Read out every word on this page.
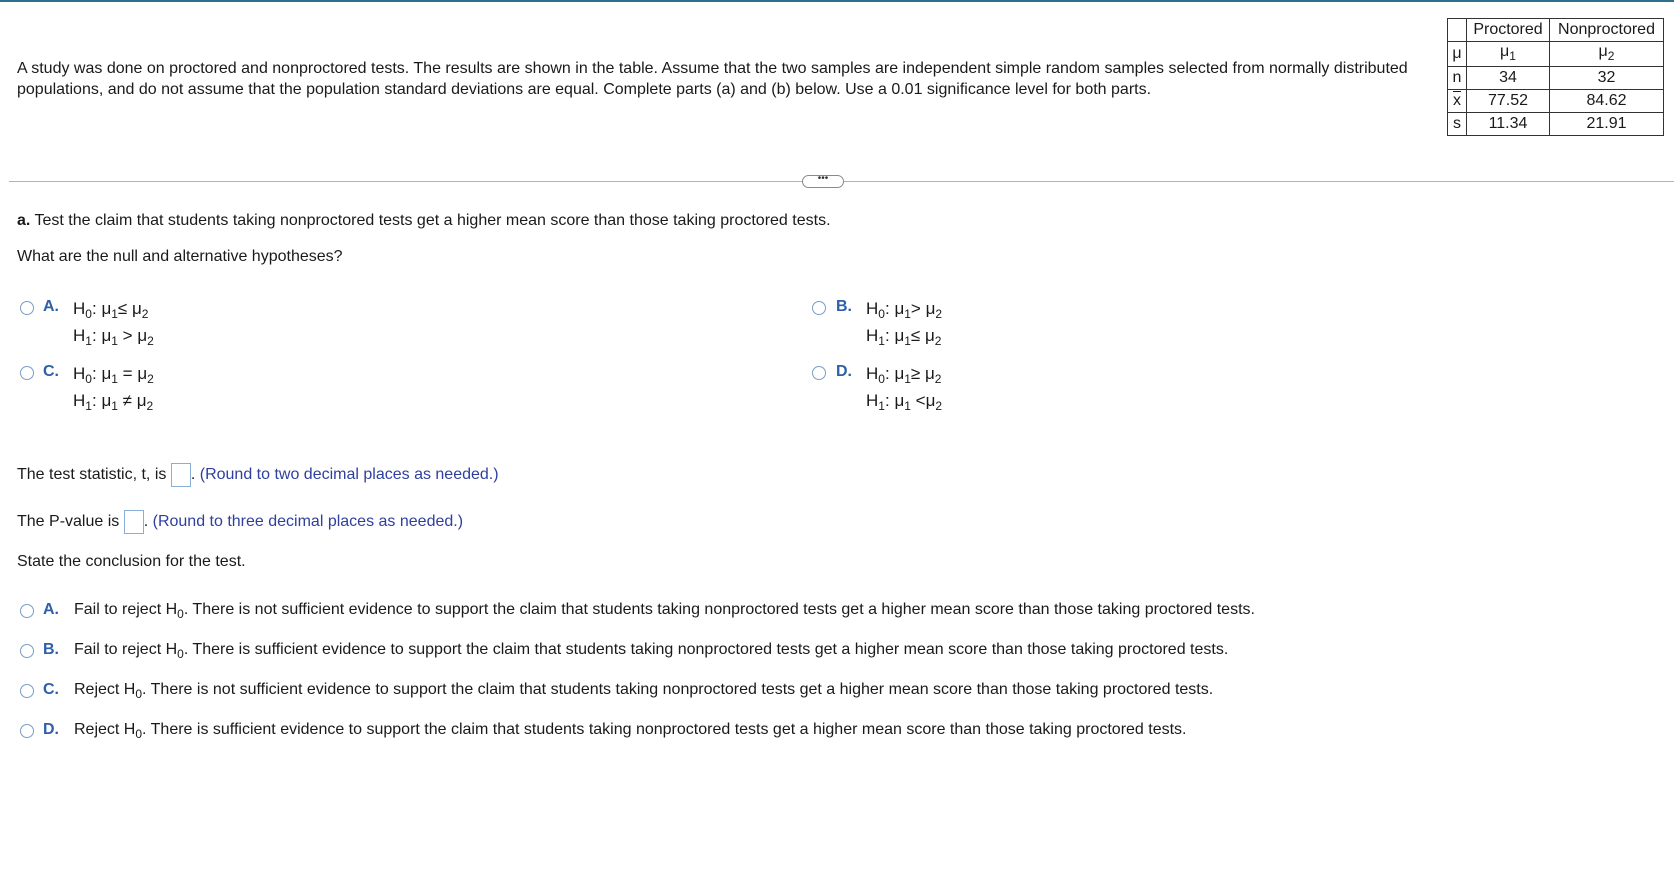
A study was done on proctored and nonproctored tests. The results are shown in the table. Assume that the two samples are independent simple random samples selected from normally distributed populations, and do not assume that the population standard deviations are equal. Complete parts (a) and (b) below. Use a 0.01 significance level for both parts.
	Proctored	Nonproctored
μ	$\mu_1$	$\mu_2$
n	34	32
$\overline{x}$	77.52	84.62
s	11.34	21.91
•••
a. Test the claim that students taking nonproctored tests get a higher mean score than those taking proctored tests.
What are the null and alternative hypotheses?
A. $H_0$: $\mu_1\le \mu_2$
$H_1$: $\mu_1 > \mu_2$
B. $H_0$: $\mu_1> \mu_2$
$H_1$: $\mu_1\le \mu_2$
C. $H_0$: $\mu_1 = \mu_2$
$H_1$: $\mu_1 \ne \mu_2$
D. $H_0$: $\mu_1\ge \mu_2$
$H_1$: $\mu_1 <\mu_2$
The test statistic, t, is . (Round to two decimal places as needed.)
The P-value is . (Round to three decimal places as needed.)
State the conclusion for the test.
A. Fail to reject $H_0$. There is not sufficient evidence to support the claim that students taking nonproctored tests get a higher mean score than those taking proctored tests.
B. Fail to reject $H_0$. There is sufficient evidence to support the claim that students taking nonproctored tests get a higher mean score than those taking proctored tests.
C. Reject $H_0$. There is not sufficient evidence to support the claim that students taking nonproctored tests get a higher mean score than those taking proctored tests.
D. Reject $H_0$. There is sufficient evidence to support the claim that students taking nonproctored tests get a higher mean score than those taking proctored tests.
